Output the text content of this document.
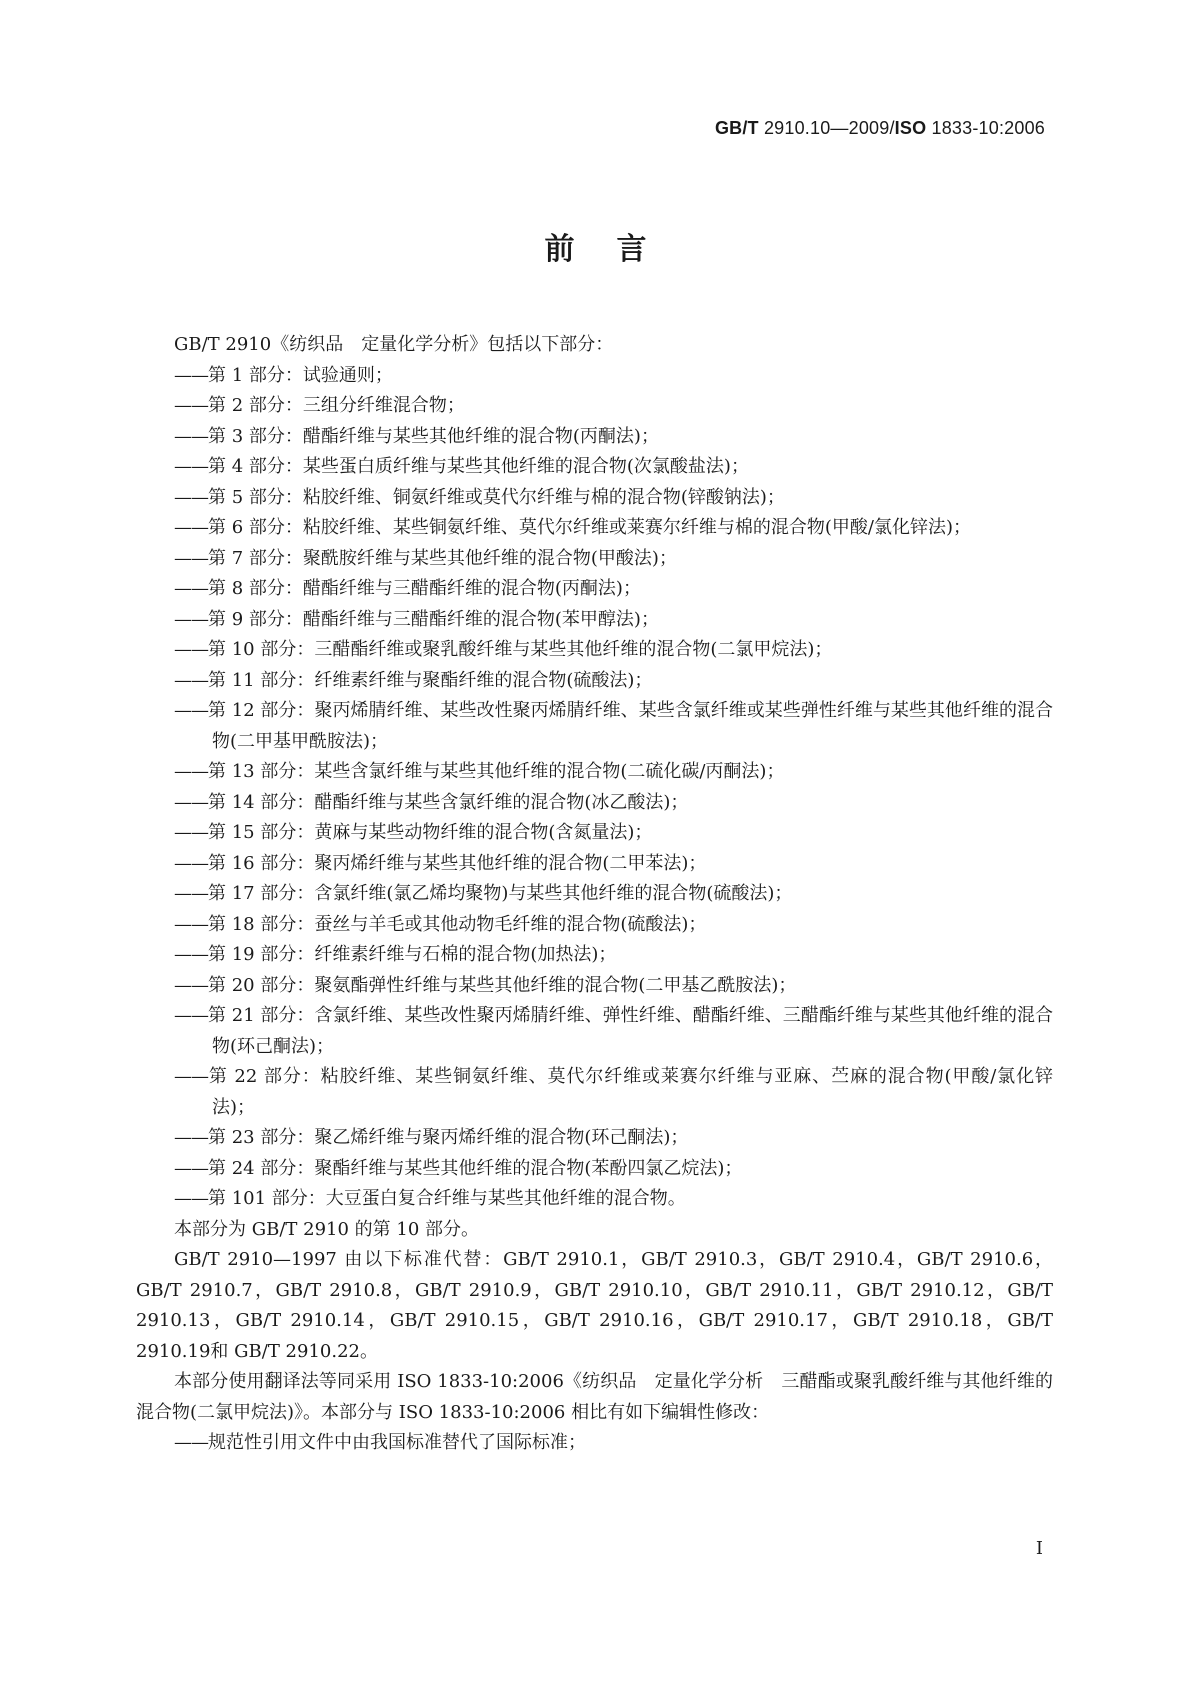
GB/T 2910.10—2009/ISO 1833-10:2006
前言

GB/T 2910《纺织品　定量化学分析》包括以下部分：

——第 1 部分：试验通则；
——第 2 部分：三组分纤维混合物；
——第 3 部分：醋酯纤维与某些其他纤维的混合物(丙酮法)；
——第 4 部分：某些蛋白质纤维与某些其他纤维的混合物(次氯酸盐法)；
——第 5 部分：粘胶纤维、铜氨纤维或莫代尔纤维与棉的混合物(锌酸钠法)；
——第 6 部分：粘胶纤维、某些铜氨纤维、莫代尔纤维或莱赛尔纤维与棉的混合物(甲酸/氯化锌法)；
——第 7 部分：聚酰胺纤维与某些其他纤维的混合物(甲酸法)；
——第 8 部分：醋酯纤维与三醋酯纤维的混合物(丙酮法)；
——第 9 部分：醋酯纤维与三醋酯纤维的混合物(苯甲醇法)；
——第 10 部分：三醋酯纤维或聚乳酸纤维与某些其他纤维的混合物(二氯甲烷法)；
——第 11 部分：纤维素纤维与聚酯纤维的混合物(硫酸法)；
——第 12 部分：聚丙烯腈纤维、某些改性聚丙烯腈纤维、某些含氯纤维或某些弹性纤维与某些其他纤维的混合物(二甲基甲酰胺法)；
——第 13 部分：某些含氯纤维与某些其他纤维的混合物(二硫化碳/丙酮法)；
——第 14 部分：醋酯纤维与某些含氯纤维的混合物(冰乙酸法)；
——第 15 部分：黄麻与某些动物纤维的混合物(含氮量法)；
——第 16 部分：聚丙烯纤维与某些其他纤维的混合物(二甲苯法)；
——第 17 部分：含氯纤维(氯乙烯均聚物)与某些其他纤维的混合物(硫酸法)；
——第 18 部分：蚕丝与羊毛或其他动物毛纤维的混合物(硫酸法)；
——第 19 部分：纤维素纤维与石棉的混合物(加热法)；
——第 20 部分：聚氨酯弹性纤维与某些其他纤维的混合物(二甲基乙酰胺法)；
——第 21 部分：含氯纤维、某些改性聚丙烯腈纤维、弹性纤维、醋酯纤维、三醋酯纤维与某些其他纤维的混合物(环己酮法)；
——第 22 部分：粘胶纤维、某些铜氨纤维、莫代尔纤维或莱赛尔纤维与亚麻、苎麻的混合物(甲酸/氯化锌法)；
——第 23 部分：聚乙烯纤维与聚丙烯纤维的混合物(环己酮法)；
——第 24 部分：聚酯纤维与某些其他纤维的混合物(苯酚四氯乙烷法)；
——第 101 部分：大豆蛋白复合纤维与某些其他纤维的混合物。

本部分为 GB/T 2910 的第 10 部分。

GB/T 2910—1997 由以下标准代替：GB/T 2910.1，GB/T 2910.3，GB/T 2910.4，GB/T 2910.6，GB/T 2910.7，GB/T 2910.8，GB/T 2910.9，GB/T 2910.10，GB/T 2910.11，GB/T 2910.12，GB/T 2910.13，GB/T 2910.14，GB/T 2910.15，GB/T 2910.16，GB/T 2910.17，GB/T 2910.18，GB/T 2910.19和 GB/T 2910.22。

本部分使用翻译法等同采用 ISO 1833-10:2006《纺织品　定量化学分析　三醋酯或聚乳酸纤维与其他纤维的混合物(二氯甲烷法)》。本部分与 ISO 1833-10:2006 相比有如下编辑性修改：

——规范性引用文件中由我国标准替代了国际标准；
Ⅰ
